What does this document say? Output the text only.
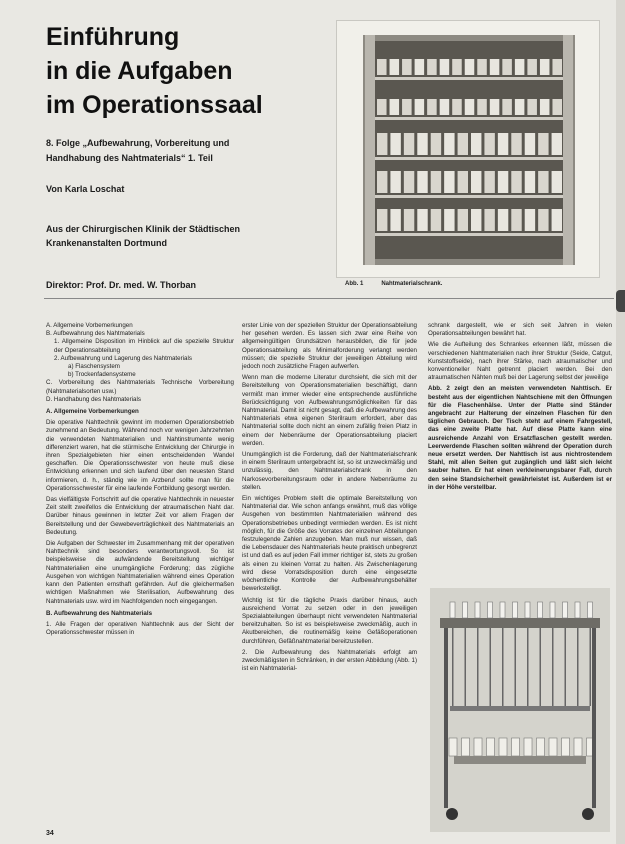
Einführung
in die Aufgaben
im Operationssaal
8. Folge „Aufbewahrung, Vorbereitung und
Handhabung des Nahtmaterials“ 1. Teil
Von Karla Loschat
Aus der Chirurgischen Klinik der Städtischen
Krankenanstalten Dortmund
Direktor: Prof. Dr. med. W. Thorban	Abb. 1	Nahtmaterialschrank.
A. Allgemeine Vorbemerkungen
B. Aufbewahrung des Nahtmaterials
1. Allgemeine Disposition im Hinblick auf die spezielle Struktur der Operationsabteilung
2. Aufbewahrung und Lagerung des Nahtmaterials
a) Flaschensystem
b) Trockenfadensysteme
C. Vorbereitung des Nahtmaterials Technische Vorbereitung (Nahtmaterialsorten usw.)
D. Handhabung des Nahtmaterials

A. Allgemeine Vorbemerkungen

Die operative Nahttechnik gewinnt im modernen Operationsbetrieb zunehmend an Bedeutung. Während noch vor wenigen Jahrzehnten die verwendeten Nahtmaterialien und Nahtinstrumente wenig differenziert waren, hat die stürmische Entwicklung der Chirurgie in ihren Spezialgebieten hier einen entscheidenden Wandel geschaffen. Die Operationsschwester von heute muß diese Entwicklung erkennen und sich laufend über den neuesten Stand informieren, d. h., ständig wie im Arzberuf sollte man für die Operationsschwester für eine laufende Fortbildung gesorgt werden.

Das vielfältigste Fortschritt auf die operative Nahttechnik in neuester Zeit stellt zweifellos die Entwicklung der atraumatischen Naht dar. Darüber hinaus gewinnen in letzter Zeit vor allem Fragen der Bereitstellung und der Gewebeverträglichkeit des Nahtmaterials an Bedeutung.

Die Aufgaben der Schwester im Zusammenhang mit der operativen Nahttechnik sind besonders verantwortungsvoll. So ist beispielsweise die aufwändende Bereitstellung wichtiger Nahtmaterialien eine unumgängliche Forderung; das zügliche Ausgehen von wichtigen Nahtmaterialien während eines Operation kann den Patienten ernsthaft gefährden. Auf die gleichermaßen wichtigen Maßnahmen wie Sterilisation, Aufbewahrung des Nahtmaterials usw. wird im Nachfolgenden noch eingegangen.

B. Aufbewahrung des Nahtmaterials

1. Alle Fragen der operativen Nahttechnik aus der Sicht der Operationsschwester müssen in

erster Linie von der speziellen Struktur der Operationsabteilung her gesehen werden. Es lassen sich zwar eine Reihe von allgemeingültigen Grundsätzen herausbilden, die für jede Operationsabteilung als Minimalforderung verlangt werden müssen; die spezielle Struktur der jeweiligen Abteilung wird jedoch noch zusätzliche Fragen aufwerfen.

Wenn man die moderne Literatur durchsieht, die sich mit der Bereitstellung von Operationsmaterialien beschäftigt, dann vermißt man immer wieder eine entsprechende ausführliche Berücksichtigung von Aufbewahrungsmöglichkeiten für das Nahtmaterial. Damit ist nicht gesagt, daß die Aufbewahrung des Nahtmaterials etwa eigenen Sterilraum erfordert, aber das Nahtmaterial sollte doch nicht an einem zufällig freien Platz in einem der Nebenräume der Operationsabteilung placiert werden.

Unumgänglich ist die Forderung, daß der Nahtmaterialschrank in einem Sterilraum untergebracht ist, so ist unzweckmäßig und unzulässig, den Nahtmaterialschrank in den Narkosevorbereitungsraum oder in andere Nebenräume zu stellen.

Ein wichtiges Problem stellt die optimale Bereitstellung von Nahtmaterial dar. Wie schon anfangs erwähnt, muß das völlige Ausgehen von bestimmten Nahtmaterialien während des Operationsbetriebes unbedingt vermieden werden. Es ist nicht möglich, für die Größe des Vorrates der einzelnen Abteilungen festzulegende Zahlen anzugeben. Man muß nur wissen, daß die Lebensdauer des Nahtmaterials heute praktisch unbegrenzt ist und daß es auf jeden Fall immer richtiger ist, stets zu großen als einen zu kleinen Vorrat zu halten. Als Zwischenlagerung wird diese Vorratsdisposition durch eine eingesetzte wöchentliche Kontrolle der Aufbewahrungsbehälter bewerkstelligt.

Wichtig ist für die tägliche Praxis darüber hinaus, auch ausreichend Vorrat zu setzen oder in den jeweiligen Spezialabteilungen überhaupt nicht verwendeten Nahtmaterial bereitzuhalten. So ist es beispielsweise zweckmäßig, auch in Akutbereichen, die routinemäßig keine Gefäßoperationen durchführen, Gefäßnahtmaterial bereitzustellen.

2. Die Aufbewahrung des Nahtmaterials erfolgt am zweckmäßigsten in Schränken, in der ersten Abbildung (Abb. 1) ist ein Nahtmaterial-

schrank dargestellt, wie er sich seit Jahren in vielen Operationsabteilungen bewährt hat.

Wie die Aufteilung des Schrankes erkennen läßt, müssen die verschiedenen Nahtmaterialien nach ihrer Struktur (Seide, Catgut, Kunststoffseide), nach ihrer Stärke, nach atraumatischer und konventioneller Naht getrennt placiert werden. Bei den atraumatischen Nähten muß bei der Lagerung selbst der jeweilige

Abb. 2 zeigt den an meisten verwendeten Nahttisch. Er besteht aus der eigentlichen Nahtschiene mit den Öffnungen für die Flaschenhälse. Unter der Platte sind Ständer angebracht zur Halterung der einzelnen Flaschen für den täglichen Gebrauch. Der Tisch steht auf einem Fahrgestell, das eine zweite Platte hat. Auf diese Platte kann eine ausreichende Anzahl von Ersatzflaschen gestellt werden. Leerwerdende Flaschen sollten während der Operation durch neue ersetzt werden. Der Nahttisch ist aus nichtrostendem Stahl, mit allen Seiten gut zugänglich und läßt sich leicht sauber halten. Er hat einen verkleinerungsbarer Fall, durch den seine Standsicherheit gewährleistet ist. Außerdem ist er in der Höhe verstellbar.

34
